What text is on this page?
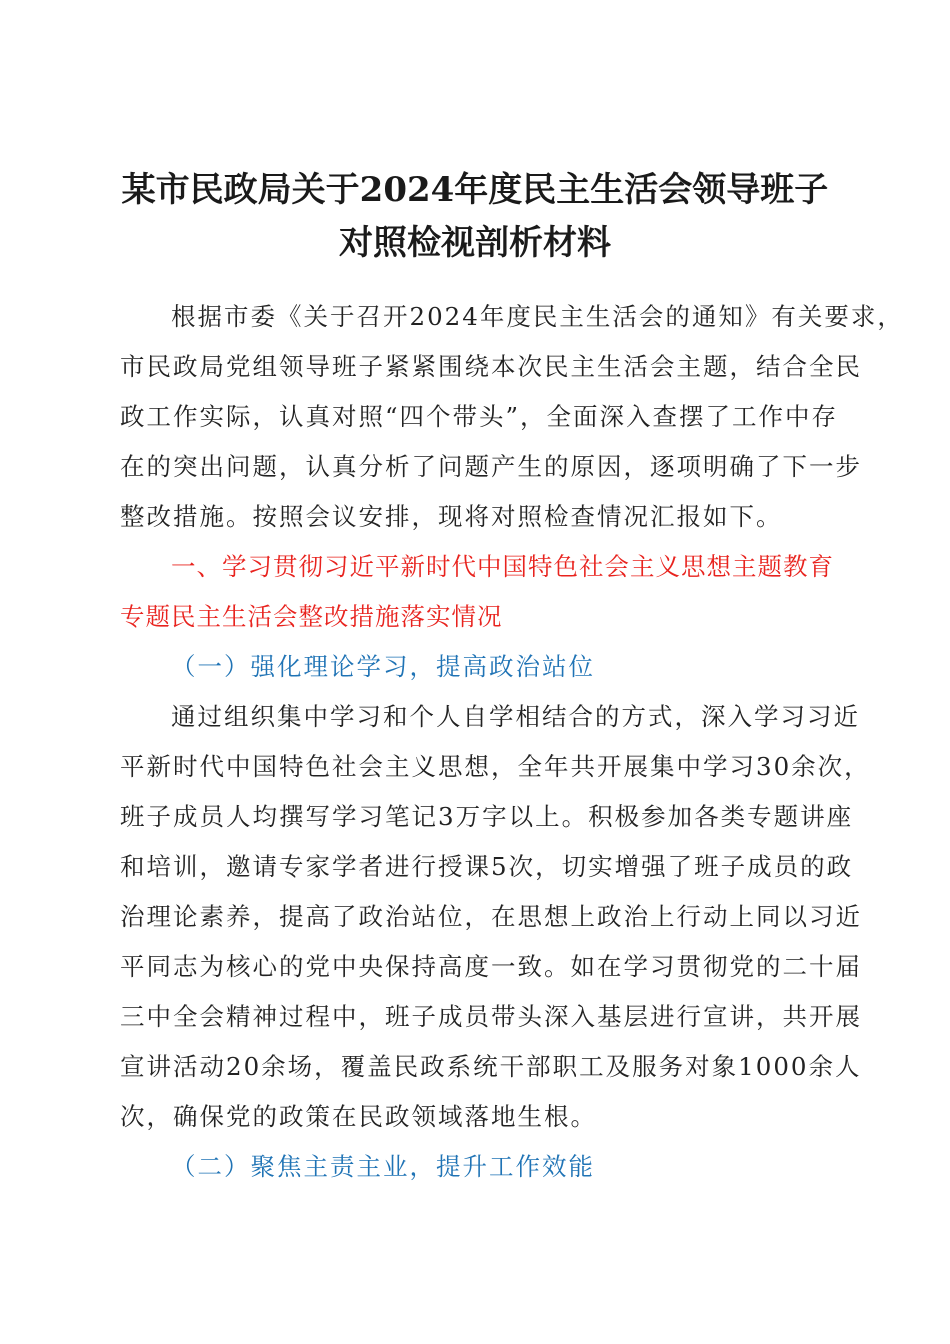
某市民政局关于2024年度民主生活会领导班子
对照检视剖析材料
根据市委《关于召开2024年度民主生活会的通知》有关要求，
市民政局党组领导班子紧紧围绕本次民主生活会主题，结合全民
政工作实际，认真对照“四个带头”，全面深入查摆了工作中存
在的突出问题，认真分析了问题产生的原因，逐项明确了下一步
整改措施。按照会议安排，现将对照检查情况汇报如下。
一、学习贯彻习近平新时代中国特色社会主义思想主题教育
专题民主生活会整改措施落实情况
（一）强化理论学习，提高政治站位
通过组织集中学习和个人自学相结合的方式，深入学习习近
平新时代中国特色社会主义思想，全年共开展集中学习30余次，
班子成员人均撰写学习笔记3万字以上。积极参加各类专题讲座
和培训，邀请专家学者进行授课5次，切实增强了班子成员的政
治理论素养，提高了政治站位，在思想上政治上行动上同以习近
平同志为核心的党中央保持高度一致。如在学习贯彻党的二十届
三中全会精神过程中，班子成员带头深入基层进行宣讲，共开展
宣讲活动20余场，覆盖民政系统干部职工及服务对象1000余人
次，确保党的政策在民政领域落地生根。
（二）聚焦主责主业，提升工作效能
